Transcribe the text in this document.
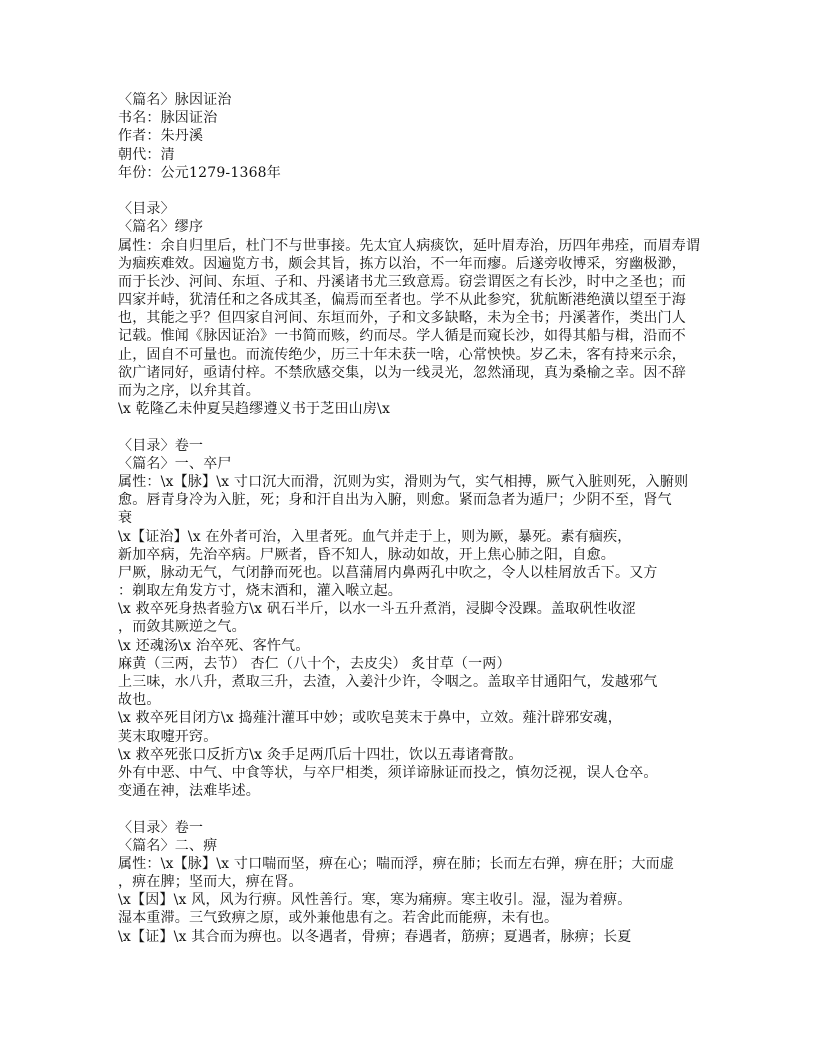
〈篇名〉脉因证治
书名：脉因证治
作者：朱丹溪
朝代：清
年份：公元1279-1368年
〈目录〉
〈篇名〉缪序
属性：余自归里后，杜门不与世事接。先太宜人病痰饮，延叶眉寿治，历四年弗痊，而眉寿谓
为痼疾难效。因遍览方书，颇会其旨，拣方以治，不一年而瘳。后遂旁收博采，穷幽极渺，
而于长沙、河间、东垣、子和、丹溪诸书尤三致意焉。窃尝谓医之有长沙，时中之圣也；而
四家并峙，犹清任和之各成其圣，偏焉而至者也。学不从此参究，犹航断港绝潢以望至于海
也，其能之乎？但四家自河间、东垣而外，子和文多缺略，未为全书；丹溪著作，类出门人
记载。惟闻《脉因证治》一书简而赅，约而尽。学人循是而窥长沙，如得其船与楫，沿而不
止，固自不可量也。而流传绝少，历三十年未获一啥，心常怏怏。岁乙未，客有持来示余，
欲广诸同好，亟请付梓。不禁欣感交集，以为一线灵光，忽然涌现，真为桑榆之幸。因不辞
而为之序，以弁其首。
\x 乾隆乙未仲夏吴趋缪遵义书于芝田山房\x
〈目录〉卷一
〈篇名〉一、卒尸
属性：\x【脉】\x 寸口沉大而滑，沉则为实，滑则为气，实气相搏，厥气入脏则死，入腑则
愈。唇青身冷为入脏，死；身和汗自出为入腑，则愈。紧而急者为遁尸；少阴不至，肾气
衰
\x【证治】\x 在外者可治，入里者死。血气并走于上，则为厥，暴死。素有痼疾，
新加卒病，先治卒病。尸厥者，昏不知人，脉动如故，开上焦心肺之阳，自愈。
尸厥，脉动无气，气闭静而死也。以菖蒲屑内鼻两孔中吹之，令人以桂屑放舌下。又方
：剃取左角发方寸，烧末酒和，灌入喉立起。
\x 救卒死身热者验方\x 矾石半斤，以水一斗五升煮消，浸脚令没踝。盖取矾性收涩
，而敛其厥逆之气。
\x 还魂汤\x 治卒死、客忤气。
麻黄（三两，去节） 杏仁（八十个，去皮尖） 炙甘草（一两）
上三味，水八升，煮取三升，去渣，入姜汁少许，令咽之。盖取辛甘通阳气，发越邪气
故也。
\x 救卒死目闭方\x 捣薤汁灌耳中妙；或吹皂荚末于鼻中，立效。薤汁辟邪安魂，
荚末取嚏开窍。
\x 救卒死张口反折方\x 灸手足两爪后十四壮，饮以五毒诸膏散。
外有中恶、中气、中食等状，与卒尸相类，须详谛脉证而投之，慎勿泛视，误人仓卒。
变通在神，法难毕述。
〈目录〉卷一
〈篇名〉二、痹
属性：\x【脉】\x 寸口喘而坚，痹在心；喘而浮，痹在肺；长而左右弹，痹在肝；大而虚
，痹在脾；坚而大，痹在肾。
\x【因】\x 风，风为行痹。风性善行。寒，寒为痛痹。寒主收引。湿，湿为着痹。
湿本重滞。三气致痹之原，或外兼他患有之。若舍此而能痹，未有也。
\x【证】\x 其合而为痹也。以冬遇者，骨痹；春遇者，筋痹；夏遇者，脉痹；长夏
